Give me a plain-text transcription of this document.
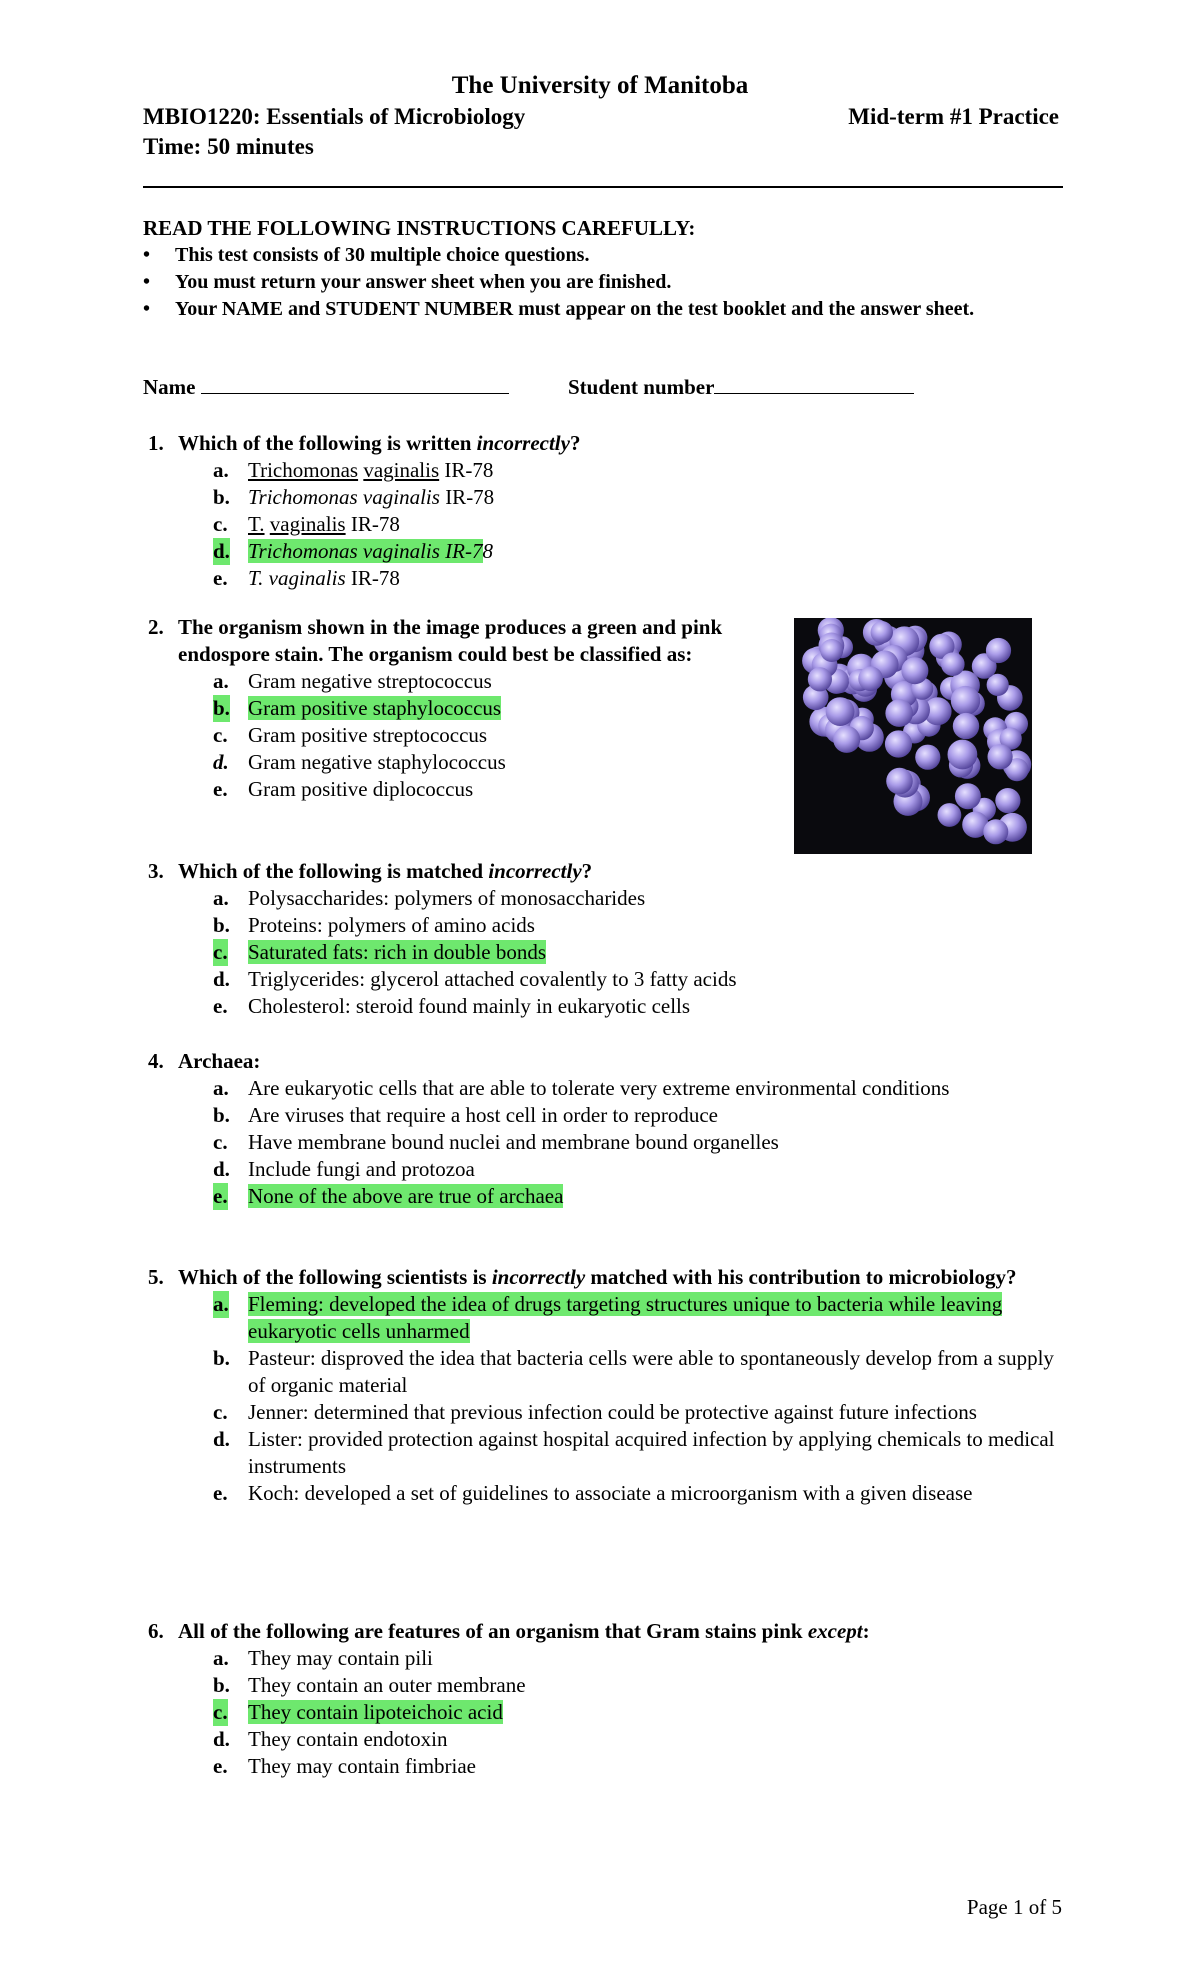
The University of Manitoba
MBIO1220: Essentials of Microbiology	Mid-term #1 Practice
Time: 50 minutes
READ THE FOLLOWING INSTRUCTIONS CAREFULLY:
• This test consists of 30 multiple choice questions.
• You must return your answer sheet when you are finished.
• Your NAME and STUDENT NUMBER must appear on the test booklet and the answer sheet.
Name	Student number
1. Which of the following is written incorrectly?
a. Trichomonas vaginalis IR-78
b. Trichomonas vaginalis IR-78
c. T. vaginalis IR-78
d. Trichomonas vaginalis IR-78
e. T. vaginalis IR-78
2. The organism shown in the image produces a green and pink endospore stain. The organism could best be classified as:
a. Gram negative streptococcus
b. Gram positive staphylococcus
c. Gram positive streptococcus
d. Gram negative staphylococcus
e. Gram positive diplococcus
3. Which of the following is matched incorrectly?
a. Polysaccharides: polymers of monosaccharides
b. Proteins: polymers of amino acids
c. Saturated fats: rich in double bonds
d. Triglycerides: glycerol attached covalently to 3 fatty acids
e. Cholesterol: steroid found mainly in eukaryotic cells
4. Archaea:
a. Are eukaryotic cells that are able to tolerate very extreme environmental conditions
b. Are viruses that require a host cell in order to reproduce
c. Have membrane bound nuclei and membrane bound organelles
d. Include fungi and protozoa
e. None of the above are true of archaea
5. Which of the following scientists is incorrectly matched with his contribution to microbiology?
a. Fleming: developed the idea of drugs targeting structures unique to bacteria while leaving eukaryotic cells unharmed
b. Pasteur: disproved the idea that bacteria cells were able to spontaneously develop from a supply of organic material
c. Jenner: determined that previous infection could be protective against future infections
d. Lister: provided protection against hospital acquired infection by applying chemicals to medical instruments
e. Koch: developed a set of guidelines to associate a microorganism with a given disease
6. All of the following are features of an organism that Gram stains pink except:
a. They may contain pili
b. They contain an outer membrane
c. They contain lipoteichoic acid
d. They contain endotoxin
e. They may contain fimbriae
Page 1 of 5
